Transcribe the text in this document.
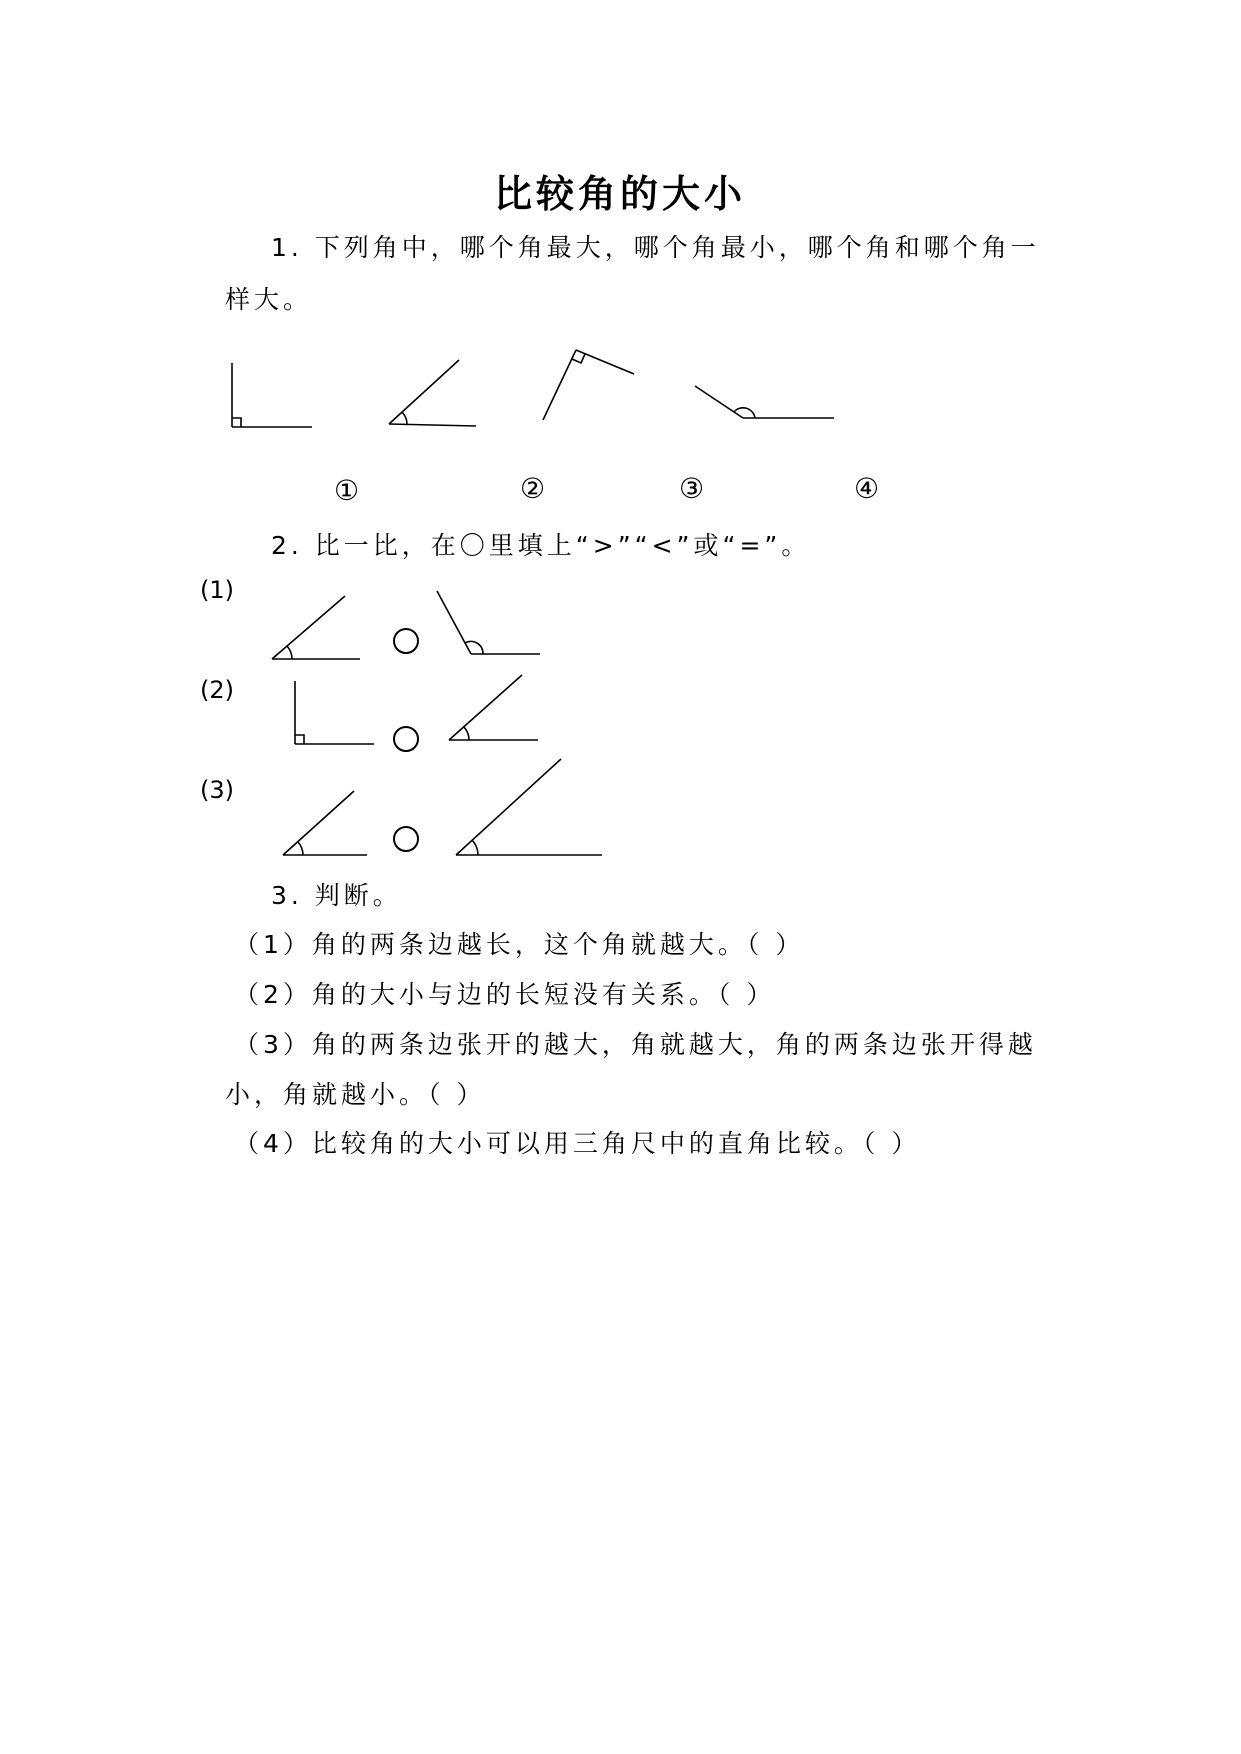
比较角的大小
1. 下列角中，哪个角最大，哪个角最小，哪个角和哪个角一
样大。
①	②	③	④
2. 比一比，在〇里填上“>”“<”或“=”。
(1)
(2)
(3)
3. 判断。
（1）角的两条边越长，这个角就越大。（ ）
（2）角的大小与边的长短没有关系。（ ）
（3）角的两条边张开的越大，角就越大，角的两条边张开得越
小，角就越小。（ ）
（4）比较角的大小可以用三角尺中的直角比较。（ ）
